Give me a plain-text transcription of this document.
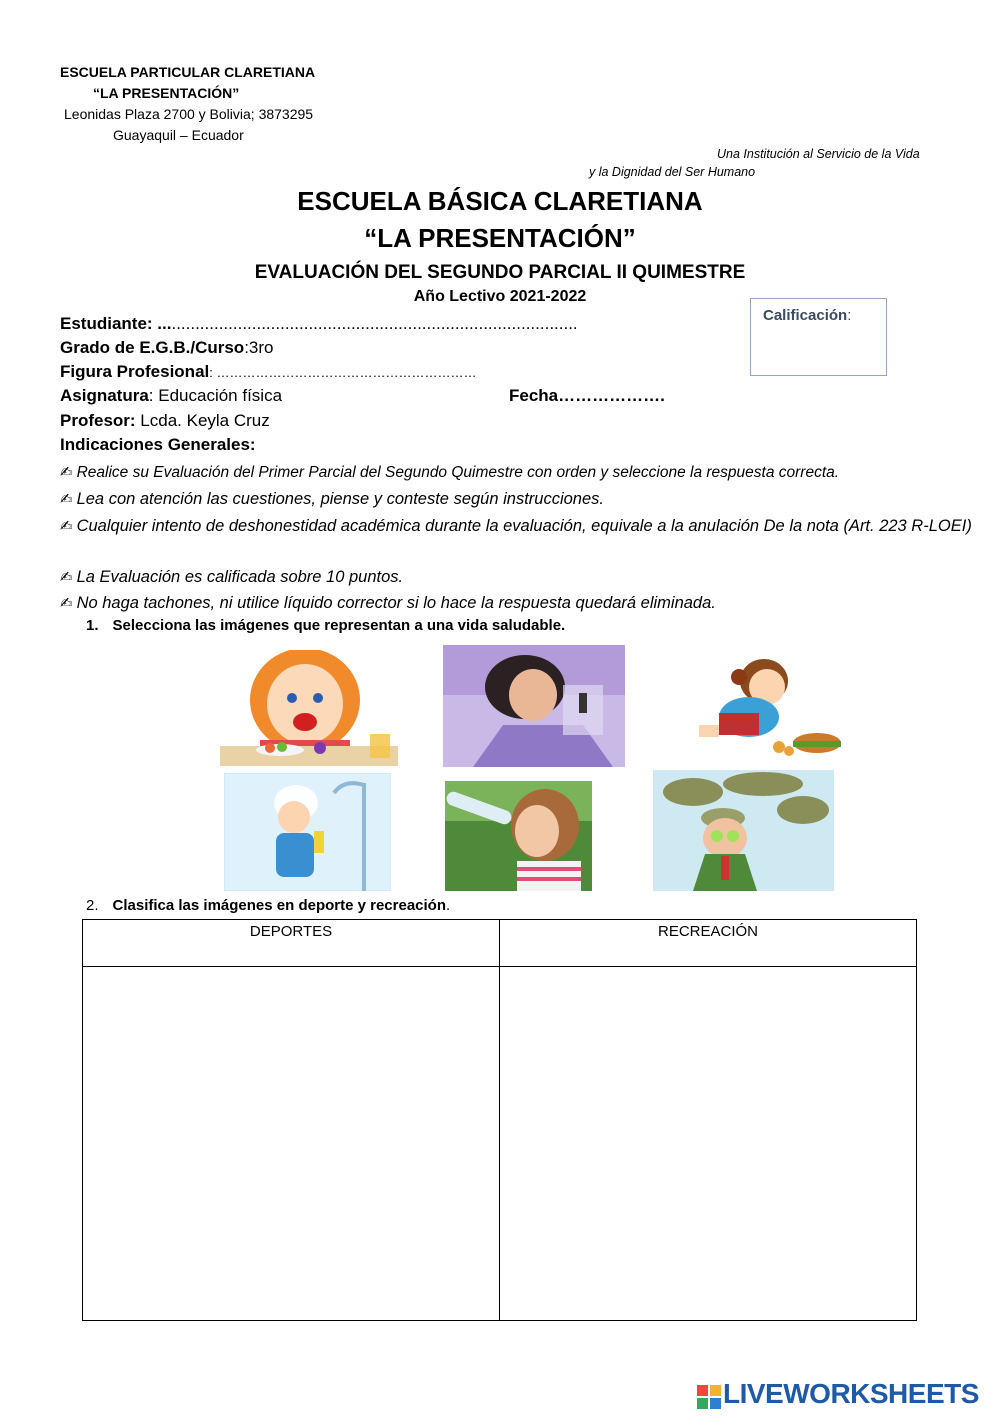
ESCUELA PARTICULAR CLARETIANA
“LA PRESENTACIÓN”
Leonidas Plaza 2700 y Bolivia; 3873295
Guayaquil – Ecuador
Una Institución al Servicio de la Vida
y la Dignidad del Ser Humano
ESCUELA BÁSICA CLARETIANA
“LA PRESENTACIÓN”
EVALUACIÓN DEL SEGUNDO PARCIAL II QUIMESTRE
Año Lectivo 2021-2022
Calificación:
Estudiante: .........................................................................................
Grado de E.G.B./Curso:3ro
Figura Profesional: ……………………………………………………
Asignatura: Educación física	Fecha……………….
Profesor: Lcda. Keyla Cruz
Indicaciones Generales:
✍ Realice su Evaluación del Primer Parcial del Segundo Quimestre con orden y seleccione la respuesta correcta.
✍ Lea con atención las cuestiones, piense y conteste según instrucciones.
✍ Cualquier intento de deshonestidad académica durante la evaluación, equivale a la anulación De la nota (Art. 223 R-LOEI)
✍ La Evaluación es calificada sobre 10 puntos.
✍ No haga tachones, ni utilice líquido corrector si lo hace la respuesta quedará eliminada.
1. Selecciona las imágenes que representan a una vida saludable.
2. Clasifica las imágenes en deporte y recreación.
DEPORTES	RECREACIÓN

LIVEWORKSHEETS
